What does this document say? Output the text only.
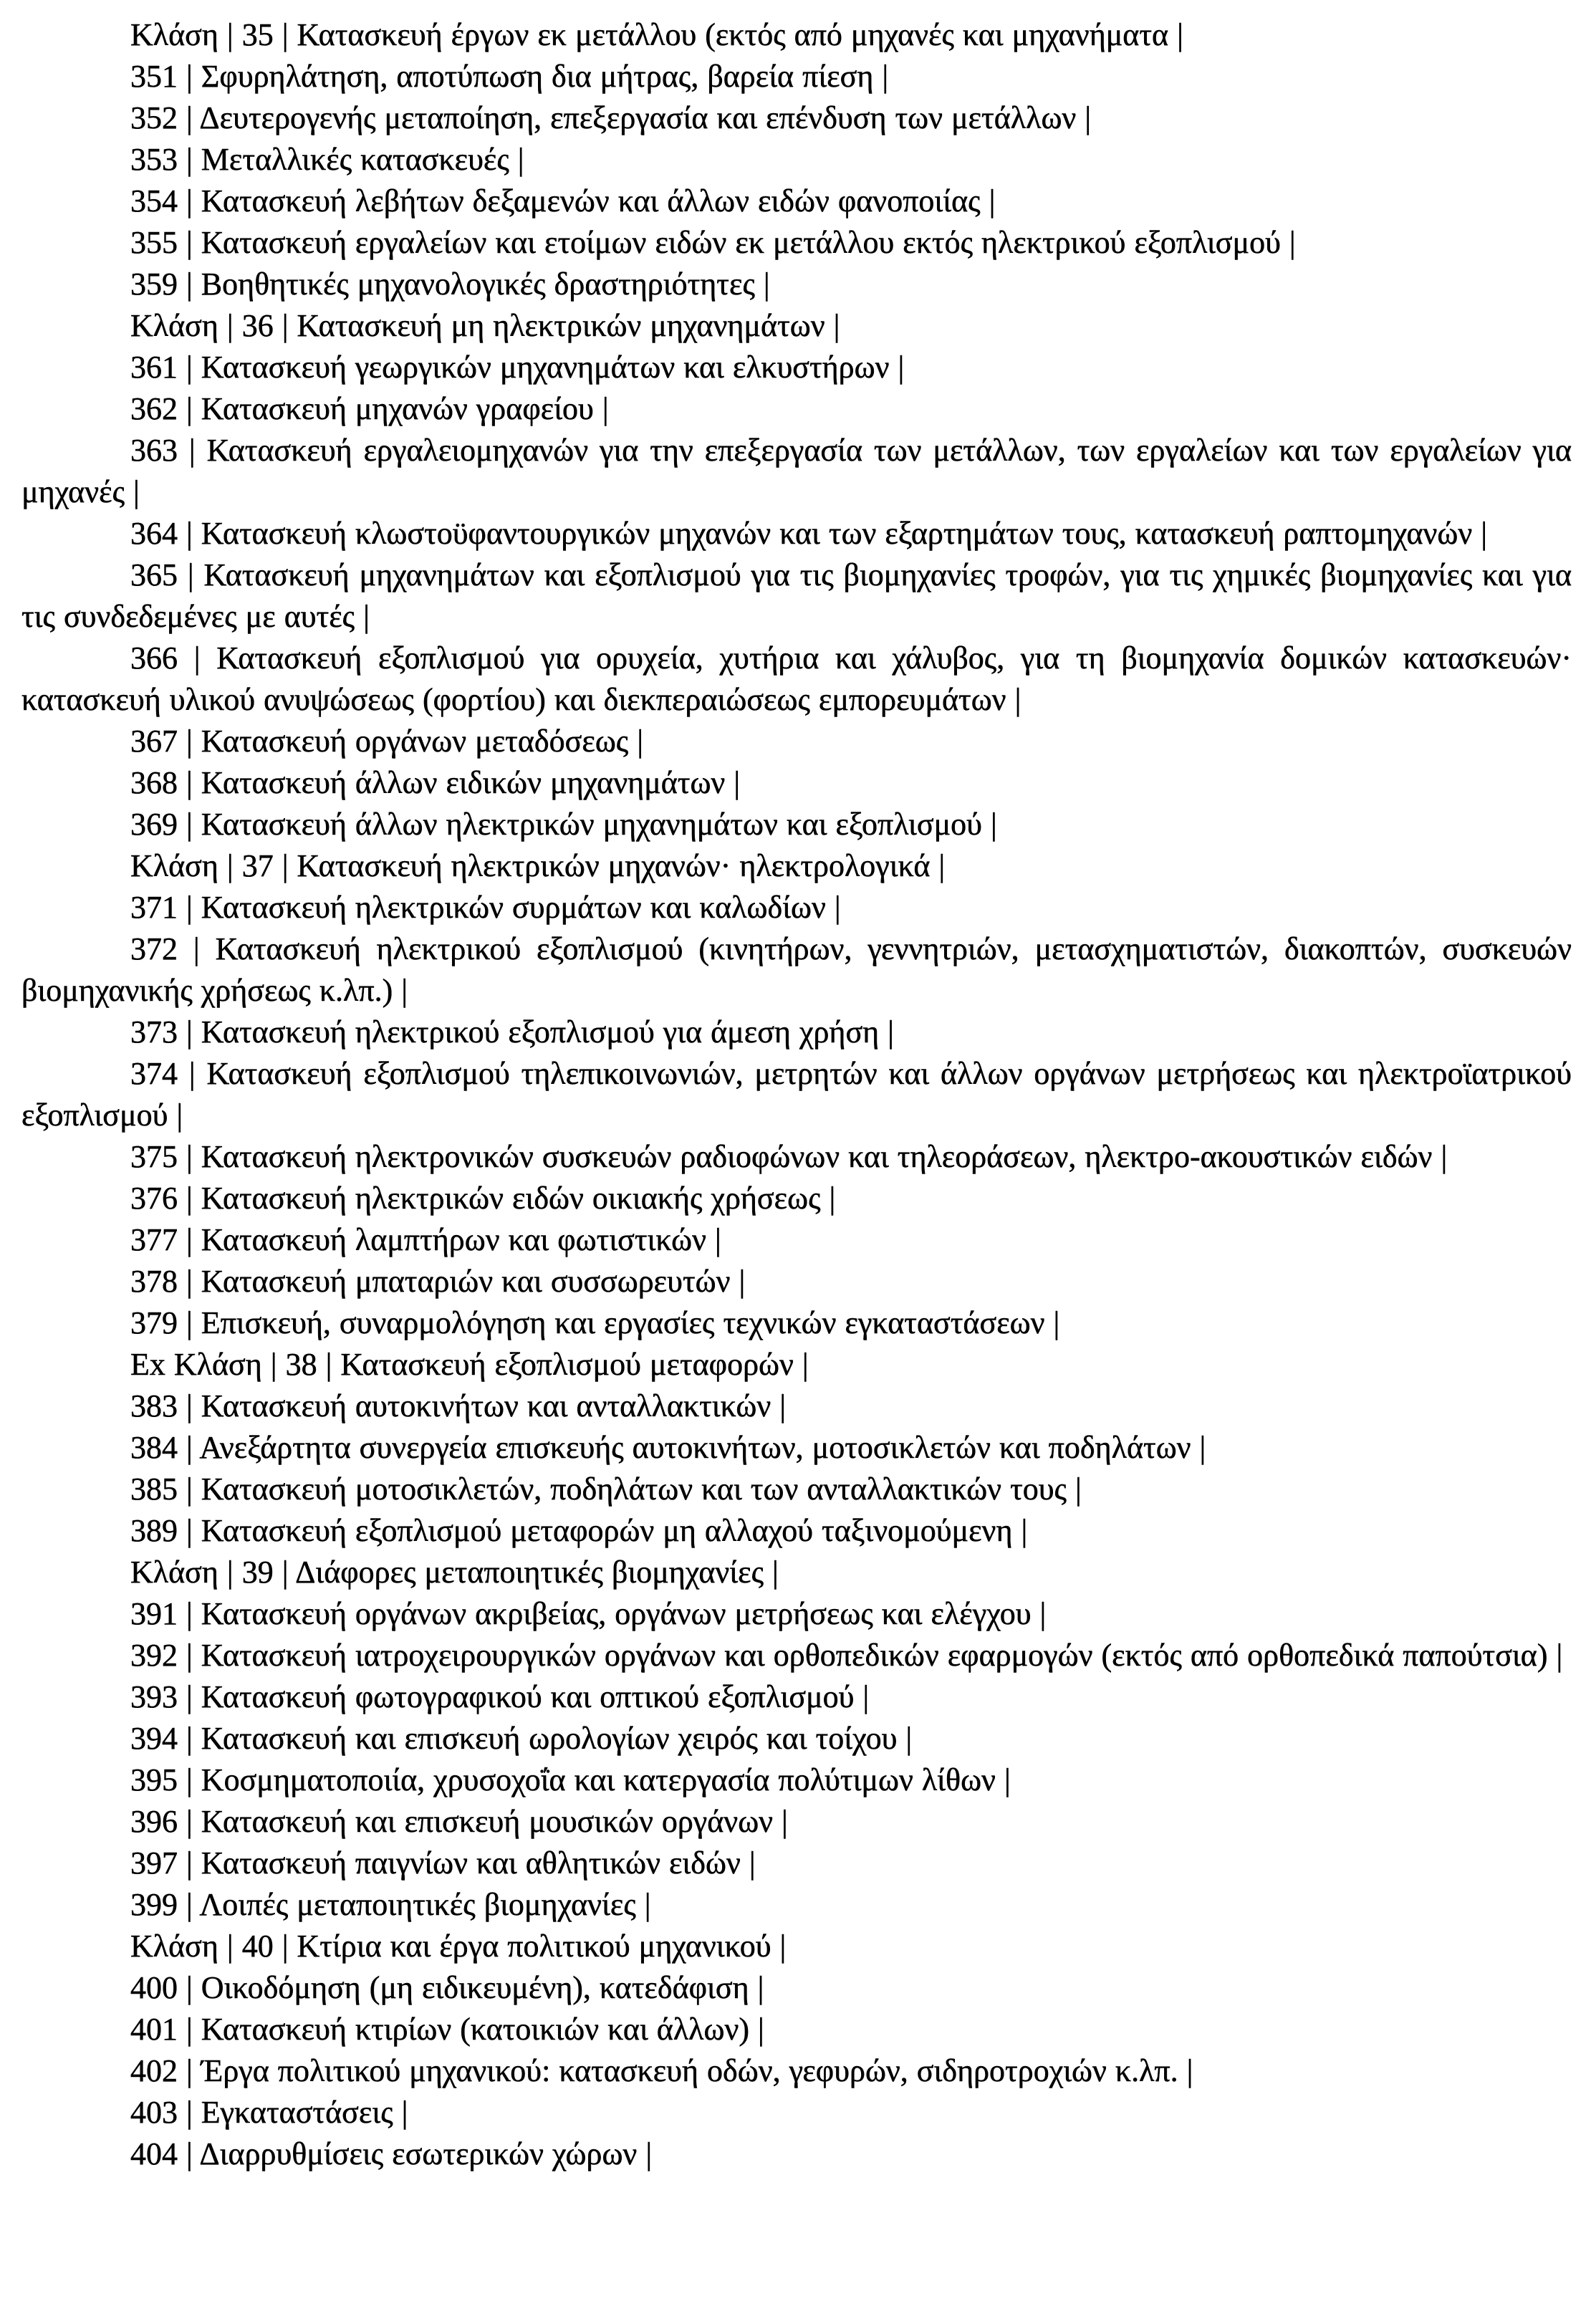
Κλάση | 35 | Κατασκευή έργων εκ μετάλλου (εκτός από μηχανές και μηχανήματα |

351 | Σφυρηλάτηση, αποτύπωση δια μήτρας, βαρεία πίεση |

352 | Δευτερογενής μεταποίηση, επεξεργασία και επένδυση των μετάλλων |

353 | Μεταλλικές κατασκευές |

354 | Κατασκευή λεβήτων δεξαμενών και άλλων ειδών φανοποιίας |

355 | Κατασκευή εργαλείων και ετοίμων ειδών εκ μετάλλου εκτός ηλεκτρικού εξοπλισμού |

359 | Βοηθητικές μηχανολογικές δραστηριότητες |

Κλάση | 36 | Κατασκευή μη ηλεκτρικών μηχανημάτων |

361 | Κατασκευή γεωργικών μηχανημάτων και ελκυστήρων |

362 | Κατασκευή μηχανών γραφείου |

363 | Κατασκευή εργαλειομηχανών για την επεξεργασία των μετάλλων, των εργαλείων και των εργαλείων για μηχανές |

364 | Κατασκευή κλωστοϋφαντουργικών μηχανών και των εξαρτημάτων τους, κατασκευή ραπτομηχανών |

365 | Κατασκευή μηχανημάτων και εξοπλισμού για τις βιομηχανίες τροφών, για τις χημικές βιομηχανίες και για τις συνδεδεμένες με αυτές |

366 | Κατασκευή εξοπλισμού για ορυχεία, χυτήρια και χάλυβος, για τη βιομηχανία δομικών κατασκευών· κατασκευή υλικού ανυψώσεως (φορτίου) και διεκπεραιώσεως εμπορευμάτων |

367 | Κατασκευή οργάνων μεταδόσεως |

368 | Κατασκευή άλλων ειδικών μηχανημάτων |

369 | Κατασκευή άλλων ηλεκτρικών μηχανημάτων και εξοπλισμού |

Κλάση | 37 | Κατασκευή ηλεκτρικών μηχανών· ηλεκτρολογικά |

371 | Κατασκευή ηλεκτρικών συρμάτων και καλωδίων |

372 | Κατασκευή ηλεκτρικού εξοπλισμού (κινητήρων, γεννητριών, μετασχηματιστών, διακοπτών, συσκευών βιομηχανικής χρήσεως κ.λπ.) |

373 | Κατασκευή ηλεκτρικού εξοπλισμού για άμεση χρήση |

374 | Κατασκευή εξοπλισμού τηλεπικοινωνιών, μετρητών και άλλων οργάνων μετρήσεως και ηλεκτροϊατρικού εξοπλισμού |

375 | Κατασκευή ηλεκτρονικών συσκευών ραδιοφώνων και τηλεοράσεων, ηλεκτρο-ακουστικών ειδών |

376 | Κατασκευή ηλεκτρικών ειδών οικιακής χρήσεως |

377 | Κατασκευή λαμπτήρων και φωτιστικών |

378 | Κατασκευή μπαταριών και συσσωρευτών |

379 | Επισκευή, συναρμολόγηση και εργασίες τεχνικών εγκαταστάσεων |

Ex Κλάση | 38 | Κατασκευή εξοπλισμού μεταφορών |

383 | Κατασκευή αυτοκινήτων και ανταλλακτικών |

384 | Ανεξάρτητα συνεργεία επισκευής αυτοκινήτων, μοτοσικλετών και ποδηλάτων |

385 | Κατασκευή μοτοσικλετών, ποδηλάτων και των ανταλλακτικών τους |

389 | Κατασκευή εξοπλισμού μεταφορών μη αλλαχού ταξινομούμενη |

Κλάση | 39 | Διάφορες μεταποιητικές βιομηχανίες |

391 | Κατασκευή οργάνων ακριβείας, οργάνων μετρήσεως και ελέγχου |

392 | Κατασκευή ιατροχειρουργικών οργάνων και ορθοπεδικών εφαρμογών (εκτός από ορθοπεδικά παπούτσια) |

393 | Κατασκευή φωτογραφικού και οπτικού εξοπλισμού |

394 | Κατασκευή και επισκευή ωρολογίων χειρός και τοίχου |

395 | Κοσμηματοποιία, χρυσοχοΐα και κατεργασία πολύτιμων λίθων |

396 | Κατασκευή και επισκευή μουσικών οργάνων |

397 | Κατασκευή παιγνίων και αθλητικών ειδών |

399 | Λοιπές μεταποιητικές βιομηχανίες |

Κλάση | 40 | Κτίρια και έργα πολιτικού μηχανικού |

400 | Οικοδόμηση (μη ειδικευμένη), κατεδάφιση |

401 | Κατασκευή κτιρίων (κατοικιών και άλλων) |

402 | Έργα πολιτικού μηχανικού: κατασκευή οδών, γεφυρών, σιδηροτροχιών κ.λπ. |

403 | Εγκαταστάσεις |

404 | Διαρρυθμίσεις εσωτερικών χώρων |
